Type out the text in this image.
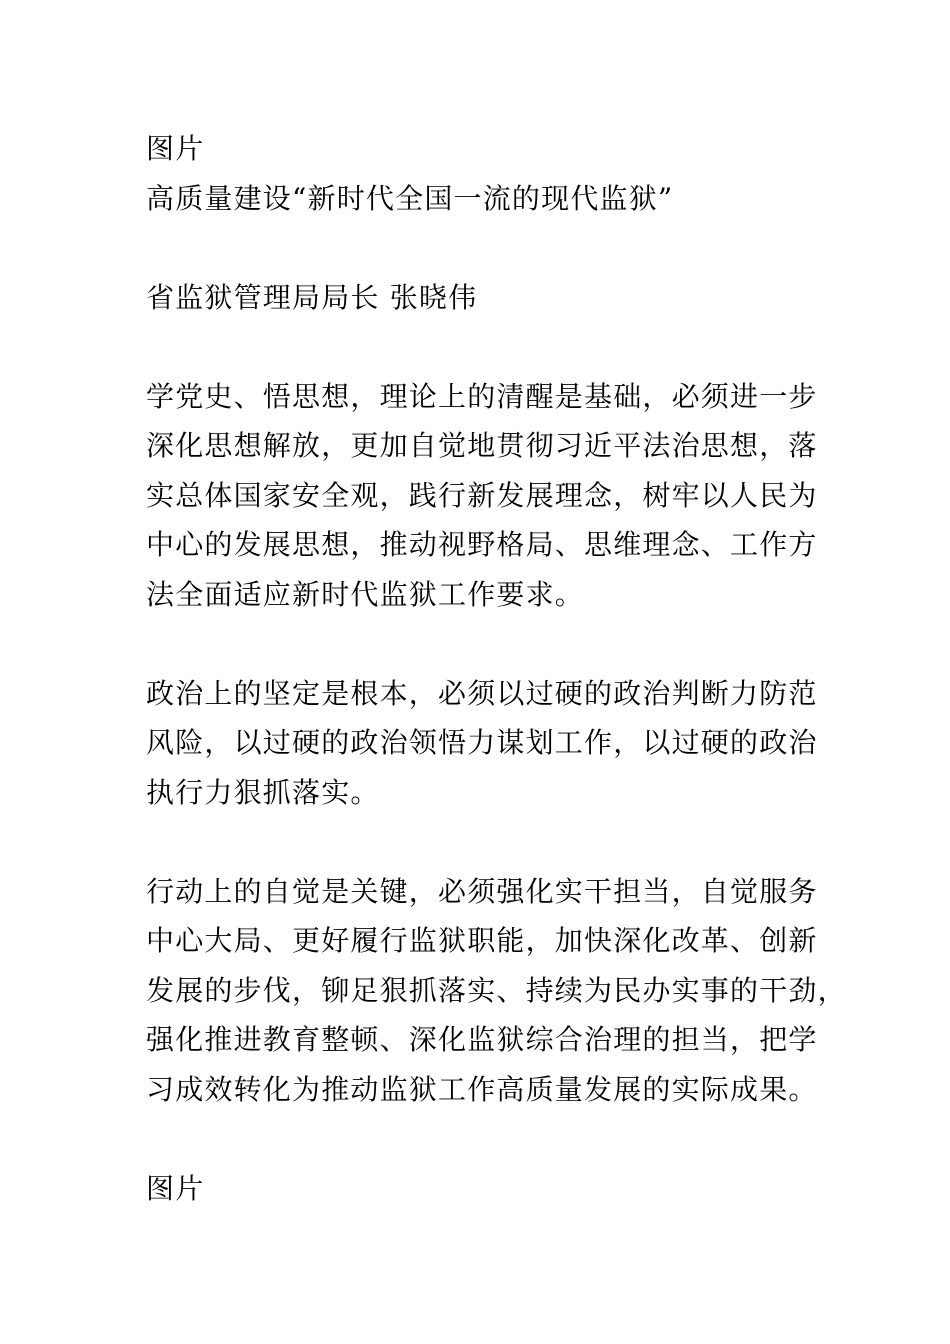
图片

高质量建设“新时代全国一流的现代监狱”

省监狱管理局局长 张晓伟

学党史、悟思想，理论上的清醒是基础，必须进一步

深化思想解放，更加自觉地贯彻习近平法治思想，落

实总体国家安全观，践行新发展理念，树牢以人民为

中心的发展思想，推动视野格局、思维理念、工作方

法全面适应新时代监狱工作要求。

政治上的坚定是根本，必须以过硬的政治判断力防范

风险，以过硬的政治领悟力谋划工作，以过硬的政治

执行力狠抓落实。

行动上的自觉是关键，必须强化实干担当，自觉服务

中心大局、更好履行监狱职能，加快深化改革、创新

发展的步伐，铆足狠抓落实、持续为民办实事的干劲，

强化推进教育整顿、深化监狱综合治理的担当，把学

习成效转化为推动监狱工作高质量发展的实际成果。

图片
